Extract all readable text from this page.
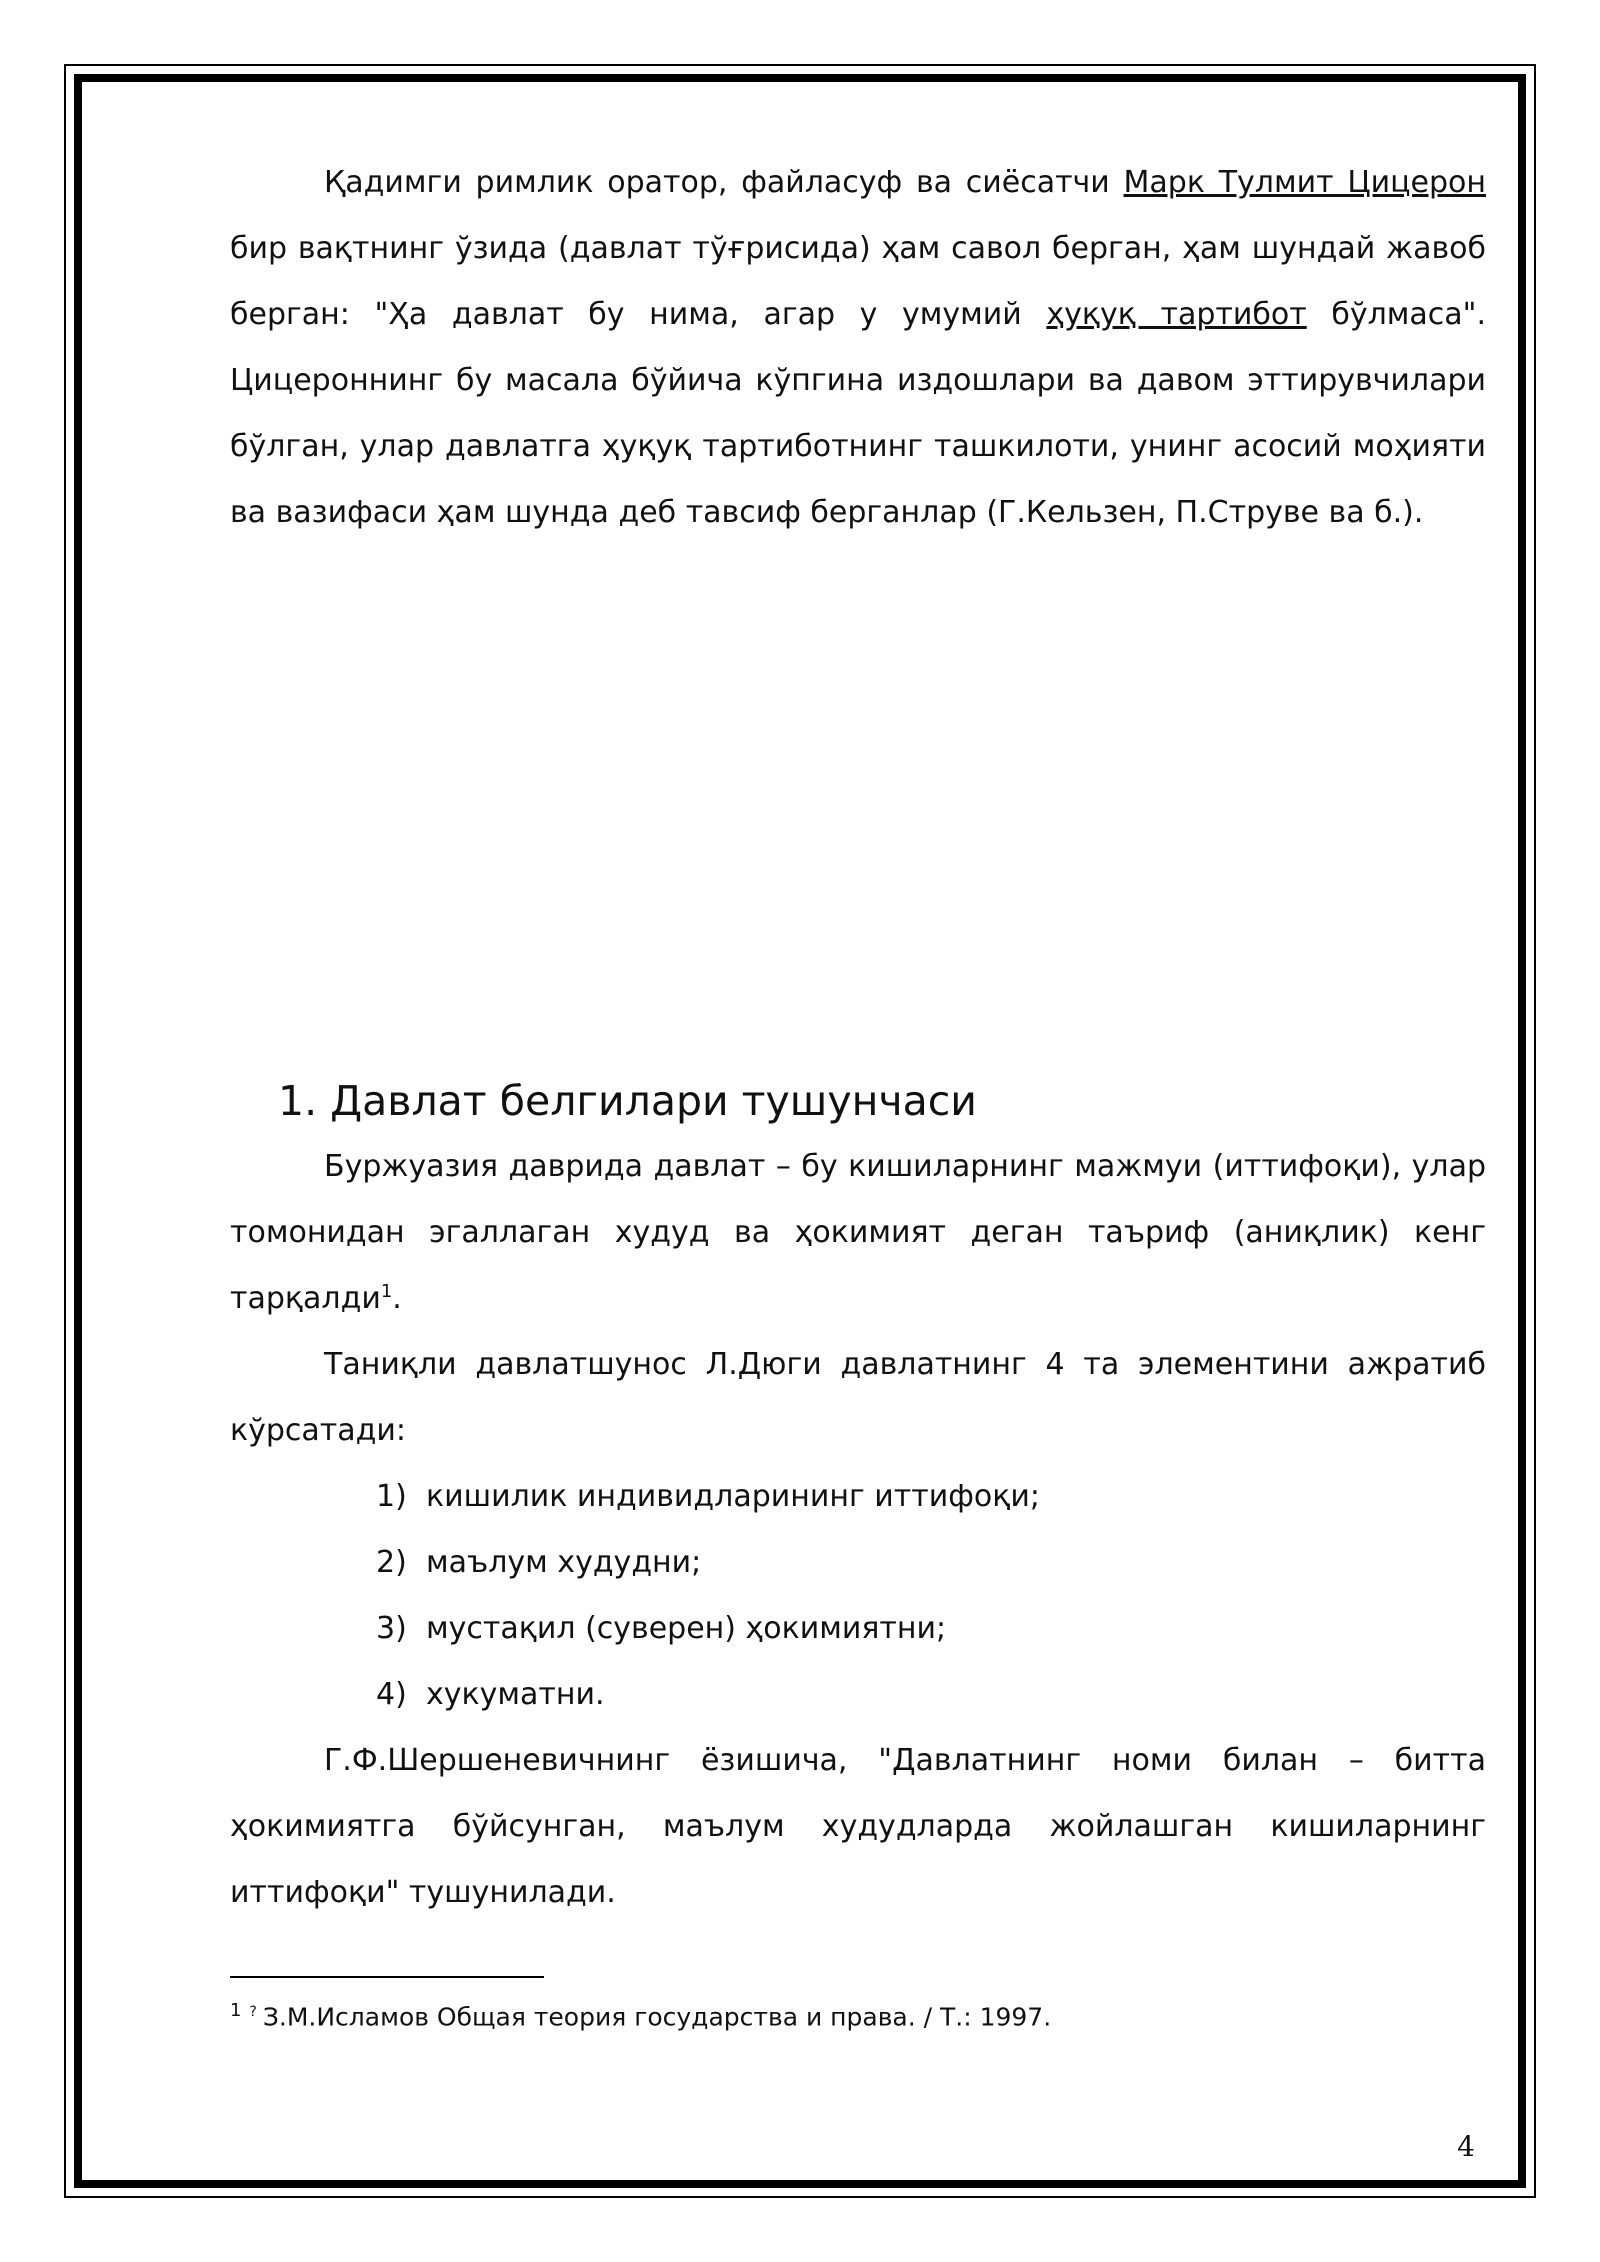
Қадимги римлик оратор, файласуф ва сиёсатчи Марк Тулмит Цицерон бир вақтнинг ўзида (давлат тўғрисида) ҳам савол берган, ҳам шундай жавоб берган: "Ҳа давлат бу нима, агар у умумий ҳуқуқ тартибот бўлмаса". Цицероннинг бу масала бўйича кўпгина издошлари ва давом эттирувчилари бўлган, улар давлатга ҳуқуқ тартиботнинг ташкилоти, унинг асосий моҳияти ва вазифаси ҳам шунда деб тавсиф берганлар (Г.Кельзен, П.Струве ва б.).

1. Давлат белгилари тушунчаси

Буржуазия даврида давлат – бу кишиларнинг мажмуи (иттифоқи), улар томонидан эгаллаган худуд ва ҳокимият деган таъриф (аниқлик) кенг тарқалди$^1$.

Таниқли давлатшунос Л.Дюги давлатнинг 4 та элементини ажратиб кўрсатади:

1) кишилик индивидларининг иттифоқи;
2) маълум худудни;
3) мустақил (суверен) ҳокимиятни;
4) хукуматни.

Г.Ф.Шершеневичнинг ёзишича, "Давлатнинг номи билан – битта ҳокимиятга бўйсунган, маълум худудларда жойлашган кишиларнинг иттифоқи" тушунилади.

$^1$ ? З.М.Исламов Общая теория государства и права. / Т.: 1997.
4
